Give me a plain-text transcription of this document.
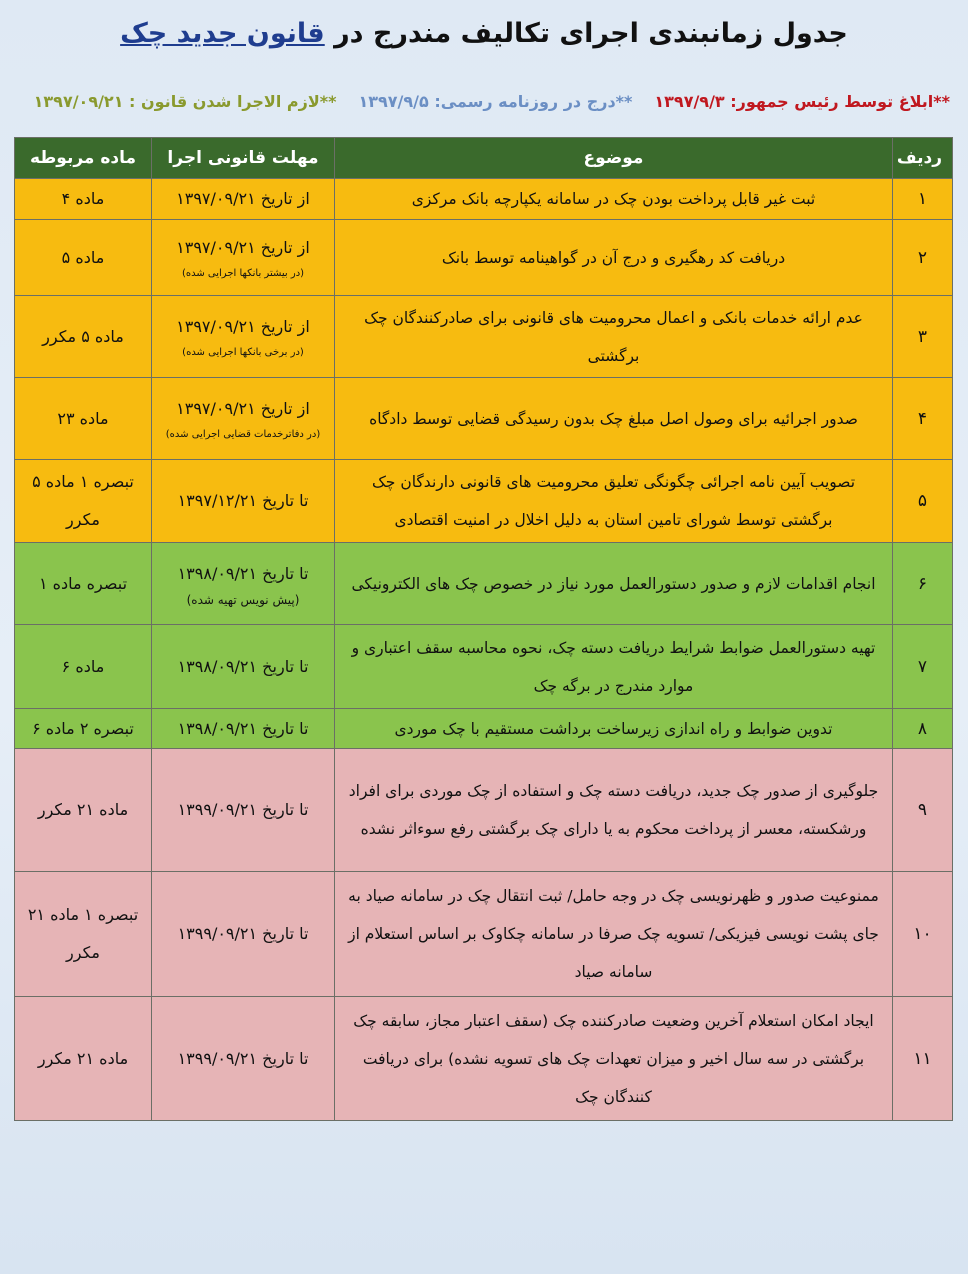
جدول زمانبندی اجرای تکالیف مندرج در قانون جدید چک
**ابلاغ توسط رئیس جمهور: ۱۳۹۷/۹/۳
**درج در روزنامه رسمی: ۱۳۹۷/۹/۵
**لازم الاجرا شدن قانون : ۱۳۹۷/۰۹/۲۱
ردیف	موضوع	مهلت قانونی اجرا	ماده مربوطه
۱	ثبت غیر قابل پرداخت بودن چک در سامانه یکپارچه بانک مرکزی	از تاریخ ۱۳۹۷/۰۹/۲۱	ماده ۴
۲	دریافت کد رهگیری و درج آن در گواهینامه توسط بانک	از تاریخ ۱۳۹۷/۰۹/۲۱
(در بیشتر بانکها اجرایی شده)	ماده ۵
۳	عدم ارائه خدمات بانکی و اعمال محرومیت های قانونی برای صادرکنندگان چک برگشتی	از تاریخ ۱۳۹۷/۰۹/۲۱
(در برخی بانکها اجرایی شده)	ماده ۵ مکرر
۴	صدور اجرائیه برای وصول اصل مبلغ چک بدون رسیدگی قضایی توسط دادگاه	از تاریخ ۱۳۹۷/۰۹/۲۱
(در دفاترخدمات قضایی اجرایی شده)	ماده ۲۳
۵	تصویب آیین نامه اجرائی چگونگی تعلیق محرومیت های قانونی دارندگان چک برگشتی توسط شورای تامین استان به دلیل اخلال در امنیت اقتصادی	تا تاریخ ۱۳۹۷/۱۲/۲۱	تبصره ۱ ماده ۵ مکرر
۶	انجام اقدامات لازم و صدور دستورالعمل مورد نیاز در خصوص چک های الکترونیکی	تا تاریخ ۱۳۹۸/۰۹/۲۱
(پیش نویس تهیه شده)	تبصره ماده ۱
۷	تهیه دستورالعمل ضوابط شرایط دریافت دسته چک، نحوه محاسبه سقف اعتباری و موارد مندرج در برگه چک	تا تاریخ ۱۳۹۸/۰۹/۲۱	ماده ۶
۸	تدوین ضوابط و راه اندازی زیرساخت برداشت مستقیم با چک موردی	تا تاریخ ۱۳۹۸/۰۹/۲۱	تبصره ۲ ماده ۶
۹	جلوگیری از صدور چک جدید، دریافت دسته چک و استفاده از چک موردی برای افراد ورشکسته، معسر از پرداخت محکوم به یا دارای چک برگشتی رفع سوءاثر نشده	تا تاریخ ۱۳۹۹/۰۹/۲۱	ماده ۲۱ مکرر
۱۰	ممنوعیت صدور و ظهرنویسی چک در وجه حامل/ ثبت انتقال چک در سامانه صیاد به جای پشت نویسی فیزیکی/ تسویه چک صرفا در سامانه چکاوک بر اساس استعلام از سامانه صیاد	تا تاریخ ۱۳۹۹/۰۹/۲۱	تبصره ۱ ماده ۲۱ مکرر
۱۱	ایجاد امکان استعلام آخرین وضعیت صادرکننده چک (سقف اعتبار مجاز، سابقه چک برگشتی در سه سال اخیر و میزان تعهدات چک های تسویه نشده) برای دریافت کنندگان چک	تا تاریخ ۱۳۹۹/۰۹/۲۱	ماده ۲۱ مکرر
